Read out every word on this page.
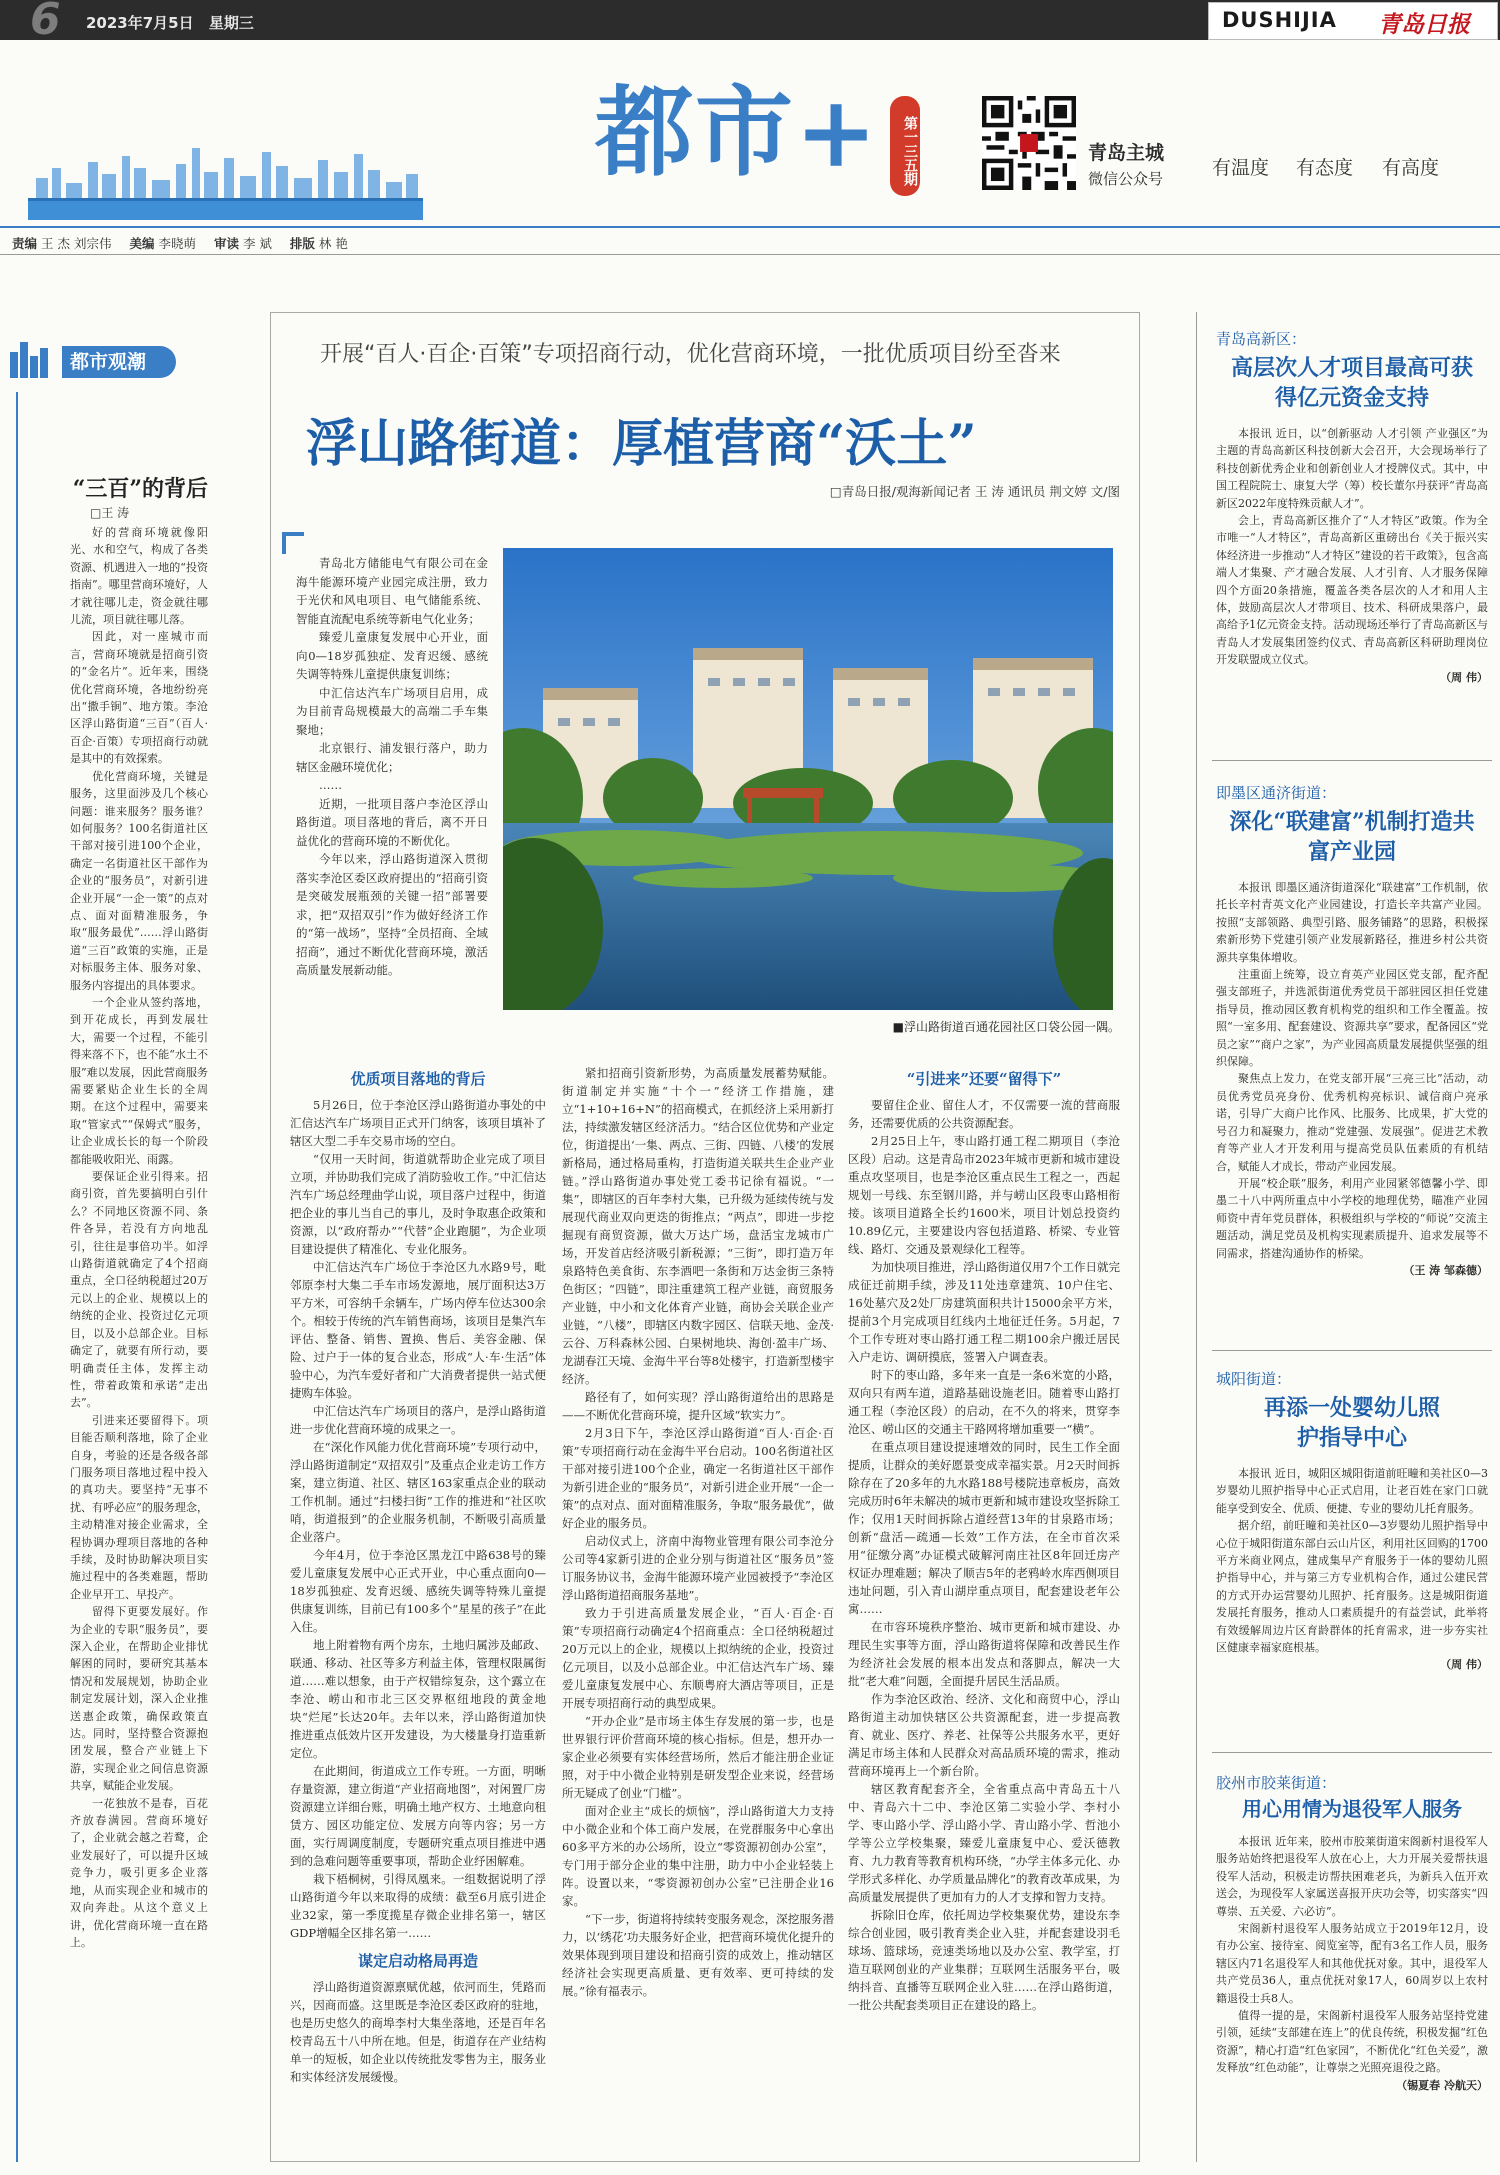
6 2023年7月5日 星期三	DUSHIJIA 青岛日报
都市+	第一三五期	青岛主城
微信公众号	有温度 有态度 有高度
责编 王 杰 刘宗伟 美编 李晓萌 审读 李 斌 排版 林 艳
都市观潮
“三百”的背后
□王 涛

好的营商环境就像阳光、水和空气，构成了各类资源、机遇进入一地的“投资指南”。哪里营商环境好，人才就往哪儿走，资金就往哪儿流，项目就往哪儿落。

因此，对一座城市而言，营商环境就是招商引资的“金名片”。近年来，围绕优化营商环境，各地纷纷亮出“撒手锏”、地方策。李沧区浮山路街道“三百”（百人·百企·百策）专项招商行动就是其中的有效探索。

优化营商环境，关键是服务，这里面涉及几个核心问题：谁来服务？服务谁？如何服务？100名街道社区干部对接引进100个企业，确定一名街道社区干部作为企业的“服务员”，对新引进企业开展“一企一策”的点对点、面对面精准服务，争取“服务最优”……浮山路街道“三百”政策的实施，正是对标服务主体、服务对象、服务内容提出的具体要求。

一个企业从签约落地，到开花成长，再到发展壮大，需要一个过程，不能引得来落不下，也不能“水土不服”难以发展，因此营商服务需要紧贴企业生长的全周期。在这个过程中，需要来取“管家式”“保姆式”服务，让企业成长长的每一个阶段都能吸收阳光、雨露。

要保证企业引得来。招商引资，首先要搞明白引什么？不同地区资源不同、条件各异，若没有方向地乱引，往往是事倍功半。如浮山路街道就确定了4个招商重点，全口径纳税超过20万元以上的企业、规模以上的纳统的企业、投资过亿元项目，以及小总部企业。目标确定了，就要有所行动，要明确责任主体，发挥主动性，带着政策和承诺“走出去”。

引进来还要留得下。项目能否顺利落地，除了企业自身，考验的还是各级各部门服务项目落地过程中投入的真功夫。要坚持“无事不扰、有呼必应”的服务理念，主动精准对接企业需求，全程协调办理项目落地的各种手续，及时协助解决项目实施过程中的各类难题，帮助企业早开工、早投产。

留得下更要发展好。作为企业的专职“服务员”，要深入企业，在帮助企业排忧解困的同时，要研究其基本情况和发展规划，协助企业制定发展计划，深入企业推送惠企政策，确保政策直达。同时，坚持整合资源抱团发展，整合产业链上下游，实现企业之间信息资源共享，赋能企业发展。

一花独放不是春，百花齐放春满园。营商环境好了，企业就会越之若鹜，企业发展好了，可以提升区域竞争力，吸引更多企业落地，从而实现企业和城市的双向奔赴。从这个意义上讲，优化营商环境一直在路上。

开展“百人·百企·百策”专项招商行动，优化营商环境，一批优质项目纷至沓来
浮山路街道：厚植营商“沃土”
□青岛日报/观海新闻记者 王 涛 通讯员 荆文婷 文/图

青岛北方储能电气有限公司在金海牛能源环境产业园完成注册，致力于光伏和风电项目、电气储能系统、智能直流配电系统等新电气化业务；

臻爱儿童康复发展中心开业，面向0—18岁孤独症、发育迟缓、感统失调等特殊儿童提供康复训练；

中汇信达汽车广场项目启用，成为目前青岛规模最大的高端二手车集聚地；

北京银行、浦发银行落户，助力辖区金融环境优化；

……

近期，一批项目落户李沧区浮山路街道。项目落地的背后，离不开日益优化的营商环境的不断优化。

今年以来，浮山路街道深入贯彻落实李沧区委区政府提出的“招商引资是突破发展瓶颈的关键一招”部署要求，把“双招双引”作为做好经济工作的“第一战场”，坚持“全员招商、全域招商”，通过不断优化营商环境，激活高质量发展新动能。

■浮山路街道百通花园社区口袋公园一隅。
优质项目落地的背后

5月26日，位于李沧区浮山路街道办事处的中汇信达汽车广场项目正式开门纳客，该项目填补了辖区大型二手车交易市场的空白。

“仅用一天时间，街道就帮助企业完成了项目立项，并协助我们完成了消防验收工作。”中汇信达汽车广场总经理曲学山说，项目落户过程中，街道把企业的事儿当自己的事儿，及时争取惠企政策和资源，以“政府帮办”“代替”企业跑腿”，为企业项目建设提供了精准化、专业化服务。

中汇信达汽车广场位于李沧区九水路9号，毗邻原李村大集二手车市场发源地，展厅面积达3万平方米，可容纳千余辆车，广场内停车位达300余个。相较于传统的汽车销售商场，该项目是集汽车评估、整备、销售、置换、售后、美容金融、保险、过户于一体的复合业态，形成“人·车·生活”体验中心，为汽车爱好者和广大消费者提供一站式便捷购车体验。

中汇信达汽车广场项目的落户，是浮山路街道进一步优化营商环境的成果之一。

在“深化作风能力优化营商环境”专项行动中，浮山路街道制定“双招双引”及重点企业走访工作方案，建立街道、社区、辖区163家重点企业的联动工作机制。通过“扫楼扫街”工作的推进和“社区吹哨，街道报到”的企业服务机制，不断吸引高质量企业落户。

今年4月，位于李沧区黑龙江中路638号的臻爱儿童康复发展中心正式开业，中心重点面向0—18岁孤独症、发育迟缓、感统失调等特殊儿童提供康复训练，目前已有100多个“星星的孩子”在此入住。

地上附着物有两个房东，土地归属涉及邮政、联通、移动、社区等多方利益主体，管理权限属街道……难以想象，由于产权错综复杂，这个露立在李沧、崂山和市北三区交界枢纽地段的黄金地块“烂尾”长达20年。去年以来，浮山路街道加快推进重点低效片区开发建设，为大楼量身打造重新定位。

在此期间，街道成立工作专班。一方面，明晰存量资源，建立街道“产业招商地图”，对闲置厂房资源建立详细台账，明确土地产权方、土地意向租赁方、园区功能定位、发展方向等内容；另一方面，实行周调度制度，专题研究重点项目推进中遇到的急难问题等重要事项，帮助企业纾困解难。

栽下梧桐树，引得凤凰来。一组数据说明了浮山路街道今年以来取得的成绩：截至6月底引进企业32家，第一季度揽星存微企业排名第一，辖区GDP增幅全区排名第一……

谋定启动格局再造

浮山路街道资源禀赋优越，依河而生，凭路而兴，因商而盛。这里既是李沧区委区政府的驻地，也是历史悠久的商埠李村大集坐落地，还是百年名校青岛五十八中所在地。但是，街道存在产业结构单一的短板，如企业以传统批发零售为主，服务业和实体经济发展缓慢。

紧扣招商引资新形势，为高质量发展蓄势赋能。街道制定并实施“十个一”经济工作措施，建立“1+10+16+N”的招商模式，在抓经济上采用新打法，持续激发辖区经济活力。“结合区位优势和产业定位，街道提出‘一集、两点、三街、四链、八楼’的发展新格局，通过格局重构，打造街道关联共生企业产业链。”浮山路街道办事处党工委书记徐有福说。“一集”，即辖区的百年李村大集，已升级为延续传统与发展现代商业双向更迭的街推点；“两点”，即进一步挖掘现有商贸资源，做大万达广场，盘活宝龙城市广场，开发首店经济吸引新税源；“三街”，即打造万年泉路特色美食街、东李酒吧一条街和万达金街三条特色街区；“四链”，即注重建筑工程产业链，商贸服务产业链，中小和文化体育产业链，商协会关联企业产业链，“八楼”，即辖区内数字园区、信联天地、金茂·云谷、万科森林公园、白果树地块、海创·盈丰广场、龙湖春江天境、金海牛平台等8处楼宇，打造新型楼宇经济。

路径有了，如何实现？浮山路街道给出的思路是——不断优化营商环境，提升区域“软实力”。

2月3日下午，李沧区浮山路街道“百人·百企·百策”专项招商行动在金海牛平台启动。100名街道社区干部对接引进100个企业，确定一名街道社区干部作为新引进企业的“服务员”，对新引进企业开展“一企一策”的点对点、面对面精准服务，争取“服务最优”，做好企业的服务员。

启动仪式上，济南中海物业管理有限公司李沧分公司等4家新引进的企业分别与街道社区“服务员”签订服务协议书，金海牛能源环境产业园被授予“李沧区浮山路街道招商服务基地”。

致力于引进高质量发展企业，“百人·百企·百策”专项招商行动确定4个招商重点：全口径纳税超过20万元以上的企业，规模以上拟纳统的企业，投资过亿元项目，以及小总部企业。中汇信达汽车广场、臻爱儿童康复发展中心、东顺粤府大酒店等项目，正是开展专项招商行动的典型成果。

“开办企业”是市场主体生存发展的第一步，也是世界银行评价营商环境的核心指标。但是，想开办一家企业必须要有实体经营场所，然后才能注册企业证照，对于中小微企业特别是研发型企业来说，经营场所无疑成了创业“门槛”。

面对企业主“成长的烦恼”，浮山路街道大力支持中小微企业和个体工商户发展，在党群服务中心拿出60多平方米的办公场所，设立“零资源初创办公室”，专门用于部分企业的集中注册，助力中小企业轻装上阵。设置以来，“零资源初创办公室”已注册企业16家。

“下一步，街道将持续转变服务观念，深挖服务潜力，以‘绣花’功夫服务好企业，把营商环境优化提升的效果体现到项目建设和招商引资的成效上，推动辖区经济社会实现更高质量、更有效率、更可持续的发展。”徐有福表示。

“引进来”还要“留得下”

要留住企业、留住人才，不仅需要一流的营商服务，还需要优质的公共资源配套。

2月25日上午，枣山路打通工程二期项目（李沧区段）启动。这是青岛市2023年城市更新和城市建设重点攻坚项目，也是李沧区重点民生工程之一，西起规划一号线、东至钢川路，并与崂山区段枣山路相衔接。该项目道路全长约1600米，项目计划总投资约10.89亿元，主要建设内容包括道路、桥梁、专业管线、路灯、交通及景观绿化工程等。

为加快项目推进，浮山路街道仅用7个工作日就完成征迁前期手续，涉及11处违章建筑、10户住宅、16处墓穴及2处厂房建筑面积共计15000余平方米，提前3个月完成项目红线内土地征迁任务。5月起，7个工作专班对枣山路打通工程二期100余户搬迁居民入户走访、调研摸底，签署入户调查表。

时下的枣山路，多年来一直是一条6米宽的小路，双向只有两车道，道路基础设施老旧。随着枣山路打通工程（李沧区段）的启动，在不久的将来，贯穿李沧区、崂山区的交通主干路网将增加重要一“横”。

在重点项目建设提速增效的同时，民生工作全面提质，让群众的美好愿景变成幸福实景。月2天时间拆除存在了20多年的九水路188号楼院违章板房，高效完成历时6年未解决的城市更新和城市建设攻坚拆除工作；仅用1天时间拆除占道经营13年的甘泉路市场；创新“盘活—疏通—长效”工作方法，在全市首次采用“征缴分离”办证模式破解河南庄社区8年回迁房产权证办理难题；解决了顺吉5年的老鸦岭水库西侧项目违址问题，引入青山湖岸重点项目，配套建设老年公寓……

在市容环境秩序整治、城市更新和城市建设、办理民生实事等方面，浮山路街道将保障和改善民生作为经济社会发展的根本出发点和落脚点，解决一大批“老大难”问题，全面提升居民生活品质。

作为李沧区政治、经济、文化和商贸中心，浮山路街道主动加快辖区公共资源配套，进一步提高教育、就业、医疗、养老、社保等公共服务水平，更好满足市场主体和人民群众对高品质环境的需求，推动营商环境再上一个新台阶。

辖区教育配套齐全，全省重点高中青岛五十八中、青岛六十二中、李沧区第二实验小学、李村小学、枣山路小学、浮山路小学、青山路小学、哲池小学等公立学校集聚，臻爱儿童康复中心、爱沃德教育、九力教育等教育机构环绕，“办学主体多元化、办学形式多样化、办学质量品牌化”的教育改革成果，为高质量发展提供了更加有力的人才支撑和智力支持。

拆除旧仓库，依托周边学校集聚优势，建设东李综合创业园，吸引教育类企业入驻，并配套建设羽毛球场、篮球场，竞速类场地以及办公室、教学室，打造互联网创业的产业集群；互联网生活服务平台，吸纳抖音、直播等互联网企业入驻……在浮山路街道，一批公共配套类项目正在建设的路上。

青岛高新区：
高层次人才项目最高可获得亿元资金支持

本报讯 近日，以“创新驱动 人才引领 产业强区”为主题的青岛高新区科技创新大会召开，大会现场举行了科技创新优秀企业和创新创业人才授牌仪式。其中，中国工程院院士、康复大学（筹）校长董尔丹获评“青岛高新区2022年度特殊贡献人才”。

会上，青岛高新区推介了“人才特区”政策。作为全市唯一“人才特区”，青岛高新区重磅出台《关于振兴实体经济进一步推动“人才特区”建设的若干政策》，包含高端人才集聚、产才融合发展、人才引育、人才服务保障四个方面20条措施，覆盖各类各层次的人才和用人主体，鼓励高层次人才带项目、技术、科研成果落户，最高给予1亿元资金支持。活动现场还举行了青岛高新区与青岛人才发展集团签约仪式、青岛高新区科研助理岗位开发联盟成立仪式。

（周 伟）

即墨区通济街道：
深化“联建富”机制打造共富产业园

本报讯 即墨区通济街道深化“联建富”工作机制，依托长辛村青英文化产业园建设，打造长辛共富产业园。按照“支部领路、典型引路、服务铺路”的思路，积极探索新形势下党建引领产业发展新路径，推进乡村公共资源共享集体增收。

注重面上统筹，设立育英产业园区党支部，配齐配强支部班子，并选派街道优秀党员干部驻园区担任党建指导员，推动园区教育机构党的组织和工作全覆盖。按照“一室多用、配套建设、资源共享”要求，配备园区“党员之家”“商户之家”，为产业园高质量发展提供坚强的组织保障。

聚焦点上发力，在党支部开展“三亮三比”活动，动员优秀党员亮身份、优秀机构亮标识、诚信商户亮承诺，引导广大商户比作风、比服务、比成果，扩大党的号召力和凝聚力，推动“党建强、发展强”。促进艺术教育等产业人才开发利用与提高党员队伍素质的有机结合，赋能人才成长，带动产业园发展。

开展“校企联”服务，利用产业园紧邻德馨小学、即墨二十八中两所重点中小学校的地理优势，瞄准产业园师资中青年党员群体，积极组织与学校的“师说”交流主题活动，满足党员及机构实现素质提升、追求发展等不同需求，搭建沟通协作的桥梁。

（王 涛 邹森德）

城阳街道：
再添一处婴幼儿照护指导中心

本报讯 近日，城阳区城阳街道前旺疃和美社区0—3岁婴幼儿照护指导中心正式启用，让老百姓在家门口就能享受到安全、优质、便捷、专业的婴幼儿托育服务。

据介绍，前旺疃和美社区0—3岁婴幼儿照护指导中心位于城阳街道东部白云山片区，利用社区回购的1700平方米商业网点，建成集早产育服务于一体的婴幼儿照护指导中心，并与第三方专业机构合作，通过公建民营的方式开办运营婴幼儿照护、托育服务。这是城阳街道发展托育服务，推动人口素质提升的有益尝试，此举将有效缓解周边片区育龄群体的托育需求，进一步夯实社区健康幸福家庭根基。

（周 伟）

胶州市胶莱街道：
用心用情为退役军人服务

本报讯 近年来，胶州市胶莱街道宋阁新村退役军人服务站始终把退役军人放在心上，大力开展关爱帮扶退役军人活动，积极走访帮扶困难老兵，为新兵入伍开欢送会，为现役军人家属送喜报开庆功会等，切实落实“四尊崇、五关爱、六必访”。

宋阁新村退役军人服务站成立于2019年12月，设有办公室、接待室、阅览室等，配有3名工作人员，服务辖区内71名退役军人和其他优抚对象。其中，退役军人共产党员36人，重点优抚对象17人，60周岁以上农村籍退役士兵8人。

值得一提的是，宋阁新村退役军人服务站坚持党建引领，延续“支部建在连上”的优良传统，积极发掘“红色资源”，精心打造“红色家园”，不断优化“红色关爱”，激发释放“红色动能”，让尊崇之光照亮退役之路。

（锡夏春 冷航天）
